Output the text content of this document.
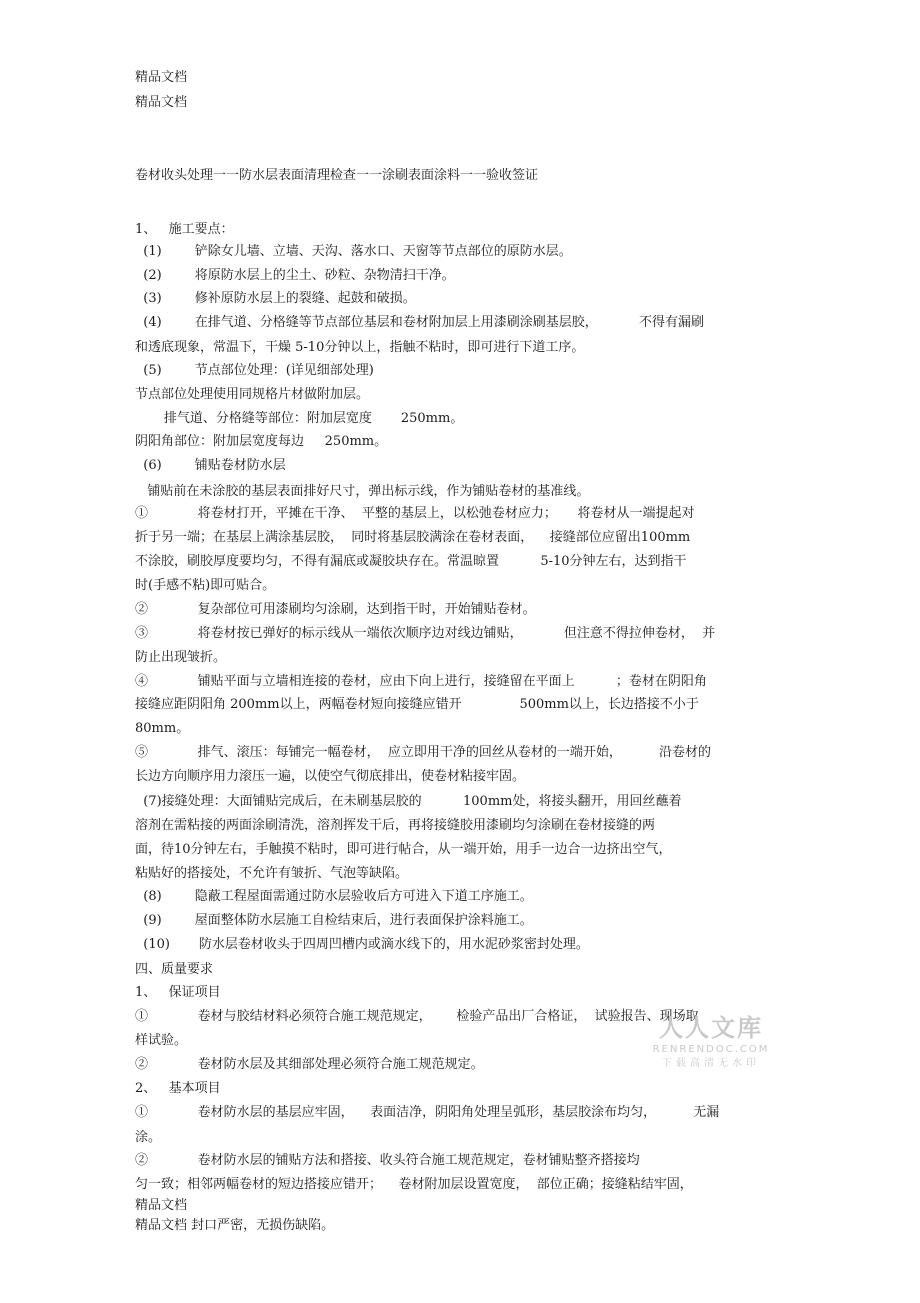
精品文档
精品文档
卷材收头处理一一防水层表面清理检查一一涂刷表面涂料一一验收签证
1、   施工要点：
(1)        铲除女儿墙、立墙、天沟、落水口、天窗等节点部位的原防水层。
(2)        将原防水层上的尘土、砂粒、杂物清扫干净。
(3)        修补原防水层上的裂缝、起鼓和破损。
(4)        在排气道、分格缝等节点部位基层和卷材附加层上用漆刷涂刷基层胶，          不得有漏刷
和透底现象，常温下，干燥 5-10分钟以上，指触不粘时，即可进行下道工序。
(5)        节点部位处理：(详见细部处理)
节点部位处理使用同规格片材做附加层。
排气道、分格缝等部位：附加层宽度       250mm。
阴阳角部位：附加层宽度每边     250mm。
(6)        铺贴卷材防水层
铺贴前在未涂胶的基层表面排好尺寸，弹出标示线，作为铺贴卷材的基准线。
①            将卷材打开，平摊在干净、  平整的基层上，以松弛卷材应力；     将卷材从一端提起对
折于另一端；在基层上满涂基层胶，  同时将基层胶满涂在卷材表面，    接缝部位应留出100mm
不涂胶，刷胶厚度要均匀，不得有漏底或凝胶块存在。常温晾置          5-10分钟左右，达到指干
时(手感不粘)即可贴合。
②            复杂部位可用漆刷均匀涂刷，达到指干时，开始铺贴卷材。
③            将卷材按已弹好的标示线从一端依次顺序边对线边铺贴，          但注意不得拉伸卷材，  并
防止出现皱折。
④            铺贴平面与立墙相连接的卷材，应由下向上进行，接缝留在平面上          ；卷材在阴阳角
接缝应距阴阳角 200mm以上，两幅卷材短向接缝应错开              500mm以上，长边搭接不小于
80mm。
⑤            排气、滚压：每铺完一幅卷材，  应立即用干净的回丝从卷材的一端开始，         沿卷材的
长边方向顺序用力滚压一遍，以使空气彻底排出，使卷材粘接牢固。
(7)接缝处理：大面铺贴完成后，在未刷基层胶的          100mm处，将接头翻开，用回丝蘸着
溶剂在需粘接的两面涂刷清洗，溶剂挥发干后，再将接缝胶用漆刷均匀涂刷在卷材接缝的两
面，待10分钟左右，手触摸不粘时，即可进行帖合，从一端开始，用手一边合一边挤出空气，
粘贴好的搭接处，不允许有皱折、气泡等缺陷。
(8)        隐蔽工程屋面需通过防水层验收后方可进入下道工序施工。
(9)        屋面整体防水层施工自检结束后，进行表面保护涂料施工。
(10)       防水层卷材收头于四周凹槽内或滴水线下的，用水泥砂浆密封处理。
四、质量要求
1、   保证项目
①            卷材与胶结材料必须符合施工规范规定，      检验产品出厂合格证，  试验报告、现场取
样试验。
②            卷材防水层及其细部处理必须符合施工规范规定。
2、   基本项目
①            卷材防水层的基层应牢固，    表面洁净，阴阳角处理呈弧形，基层胶涂布均匀，         无漏
涂。
②            卷材防水层的铺贴方法和搭接、收头符合施工规范规定，卷材铺贴整齐搭接均
匀一致；相邻两幅卷材的短边搭接应错开；    卷材附加层设置宽度，  部位正确；接缝粘结牢固，
精品文档
精品文档 封口严密，无损伤缺陷。
人人文库
RENRENDOC.COM
下载高清无水印
